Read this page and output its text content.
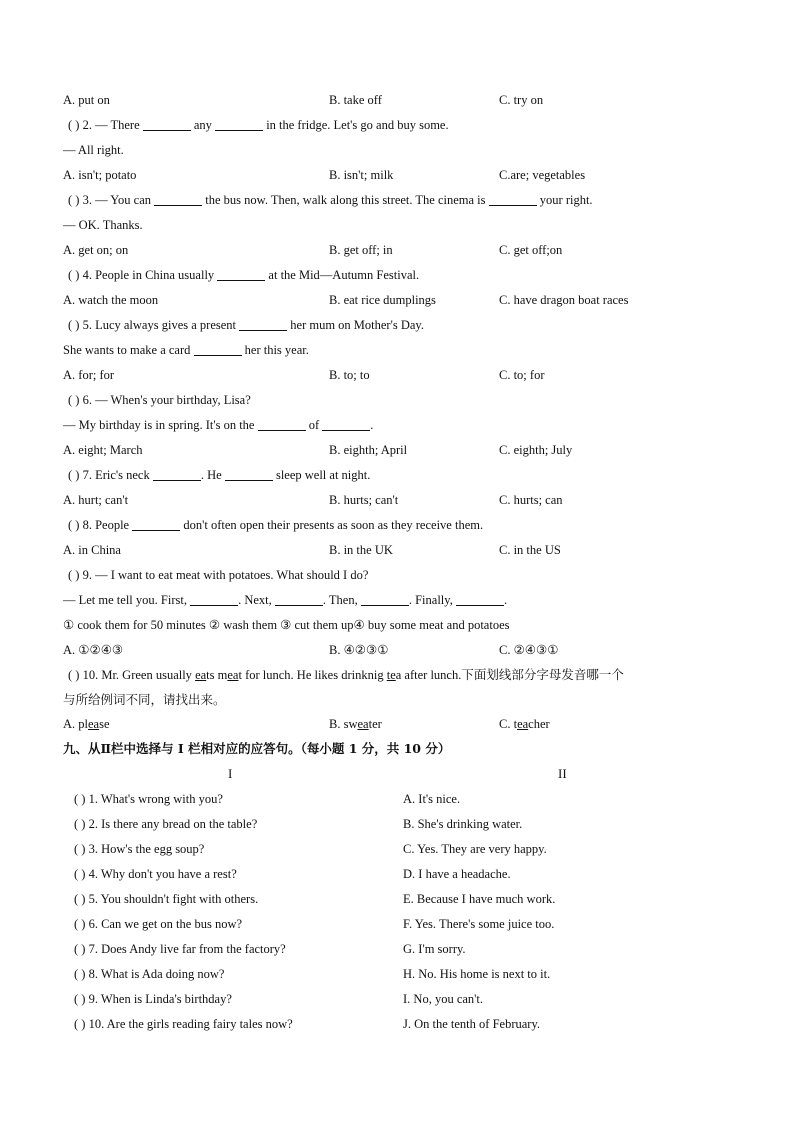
A. put on	B. take off	C. try on
( ) 2. — There	any	in the fridge. Let's go and buy some.
— All right.
A. isn't; potato	B. isn't; milk	C.are; vegetables
( ) 3. — You can	the bus now. Then, walk along this street. The cinema is	your right.
— OK. Thanks.
A. get on; on	B. get off; in	C. get off;on
( ) 4. People in China usually	at the Mid—Autumn Festival.
A. watch the moon	B. eat rice dumplings	C. have dragon boat races
( ) 5. Lucy always gives a present	her mum on Mother's Day.
She wants to make a card	her this year.
A. for; for	B. to; to	C. to; for
( ) 6. — When's your birthday, Lisa?
— My birthday is in spring. It's on the	of	.
A. eight; March	B. eighth; April	C. eighth; July
( ) 7. Eric's neck	. He	sleep well at night.
A. hurt; can't	B. hurts; can't	C. hurts; can
( ) 8. People	don't often open their presents as soon as they receive them.
A. in China	B. in the UK	C. in the US
( ) 9. — I want to eat meat with potatoes. What should I do?
— Let me tell you. First,	. Next,	. Then,	. Finally,	.
① cook them for 50 minutes ② wash them ③ cut them up④ buy some meat and potatoes
A. ①②④③	B. ④②③①	C. ②④③①
( ) 10. Mr. Green usually eats meat for lunch. He likes drinknig tea after lunch.下面划线部分字母发音哪一个
与所给例词不同，请找出来。
A. please	B. sweater	C. teacher
九、从Ⅱ栏中选择与 I 栏相对应的应答句。（每小题 1 分，共 10 分）
I	II
( ) 1. What's wrong with you?	A. It's nice.
( ) 2. Is there any bread on the table?	B. She's drinking water.
( ) 3. How's the egg soup?	C. Yes. They are very happy.
( ) 4. Why don't you have a rest?	D. I have a headache.
( ) 5. You shouldn't fight with others.	E. Because I have much work.
( ) 6. Can we get on the bus now?	F. Yes. There's some juice too.
( ) 7. Does Andy live far from the factory?	G. I'm sorry.
( ) 8. What is Ada doing now?	H. No. His home is next to it.
( ) 9. When is Linda's birthday?	I. No, you can't.
( ) 10. Are the girls reading fairy tales now?	J. On the tenth of February.
